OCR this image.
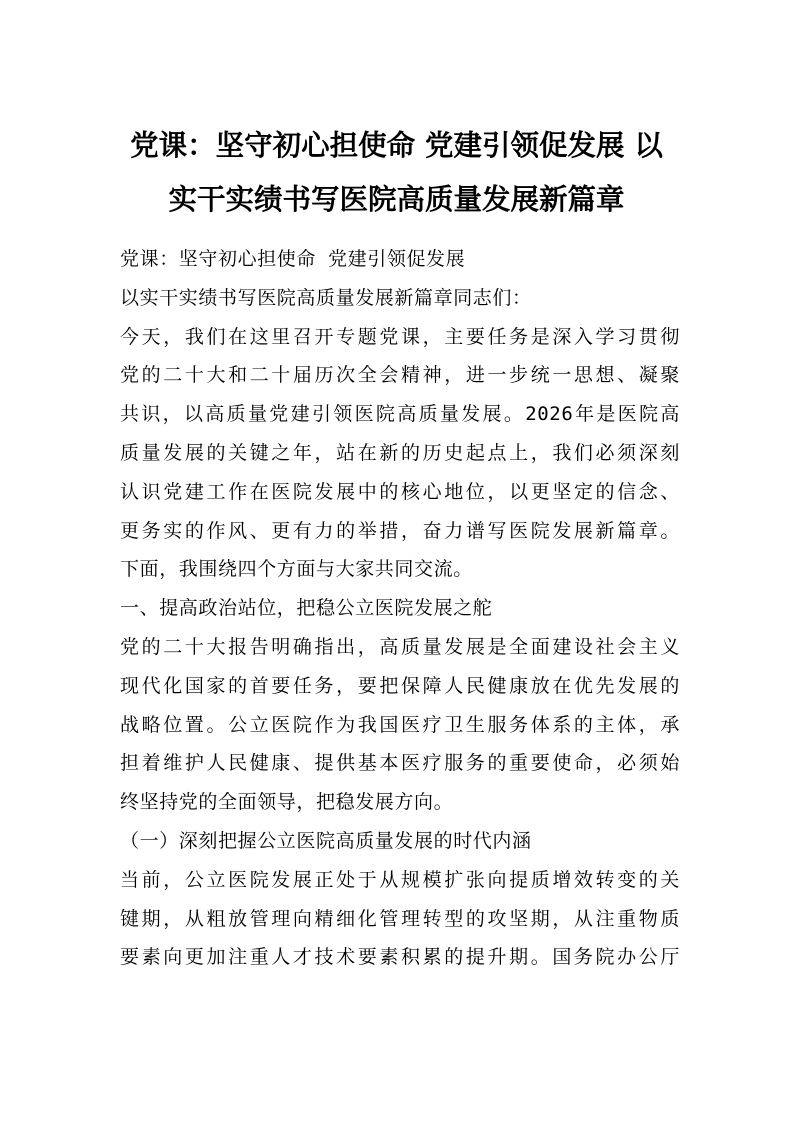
党课：坚守初心担使命 党建引领促发展 以
实干实绩书写医院高质量发展新篇章
党课：坚守初心担使命 党建引领促发展
以实干实绩书写医院高质量发展新篇章同志们：
今天，我们在这里召开专题党课，主要任务是深入学习贯彻
党的二十大和二十届历次全会精神，进一步统一思想、凝聚
共识，以高质量党建引领医院高质量发展。2026年是医院高
质量发展的关键之年，站在新的历史起点上，我们必须深刻
认识党建工作在医院发展中的核心地位，以更坚定的信念、
更务实的作风、更有力的举措，奋力谱写医院发展新篇章。
下面，我围绕四个方面与大家共同交流。
一、提高政治站位，把稳公立医院发展之舵
党的二十大报告明确指出，高质量发展是全面建设社会主义
现代化国家的首要任务，要把保障人民健康放在优先发展的
战略位置。公立医院作为我国医疗卫生服务体系的主体，承
担着维护人民健康、提供基本医疗服务的重要使命，必须始
终坚持党的全面领导，把稳发展方向。
（一）深刻把握公立医院高质量发展的时代内涵
当前，公立医院发展正处于从规模扩张向提质增效转变的关
键期，从粗放管理向精细化管理转型的攻坚期，从注重物质
要素向更加注重人才技术要素积累的提升期。国务院办公厅
